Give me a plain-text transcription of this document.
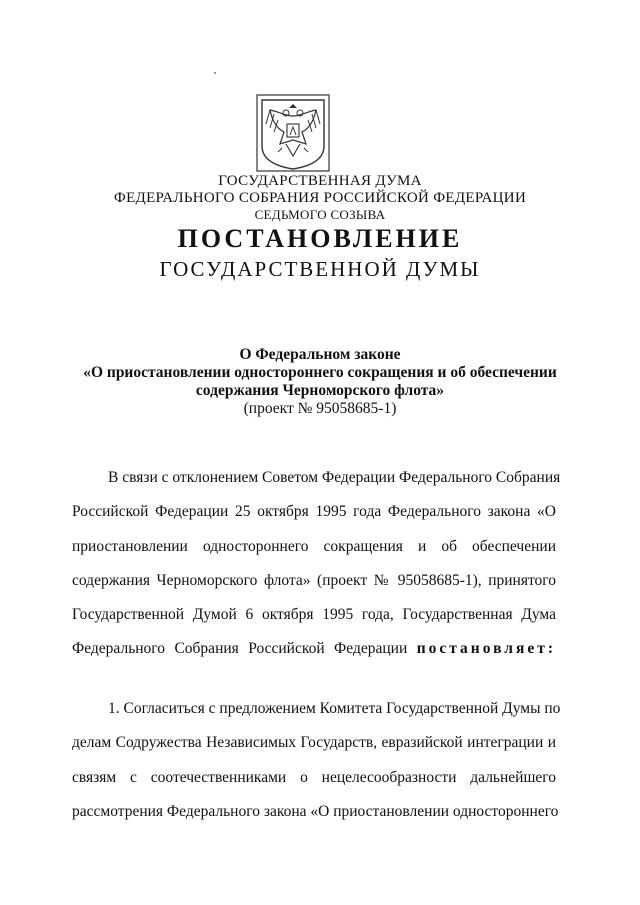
ГОСУДАРСТВЕННАЯ ДУМА
ФЕДЕРАЛЬНОГО СОБРАНИЯ РОССИЙСКОЙ ФЕДЕРАЦИИ
СЕДЬМОГО СОЗЫВА
ПОСТАНОВЛЕНИЕ
ГОСУДАРСТВЕННОЙ ДУМЫ
О Федеральном законе
«О приостановлении одностороннего сокращения и об обеспечении
содержания Черноморского флота»
(проект № 95058685-1)
В связи с отклонением Советом Федерации Федерального Собрания
Российской Федерации 25 октября 1995 года Федерального закона «О
приостановлении одностороннего сокращения и об обеспечении
содержания Черноморского флота» (проект № 95058685-1), принятого
Государственной Думой 6 октября 1995 года, Государственная Дума
Федерального Собрания Российской Федерации постановляет:
1. Согласиться с предложением Комитета Государственной Думы по
делам Содружества Независимых Государств, евразийской интеграции и
связям с соотечественниками о нецелесообразности дальнейшего
рассмотрения Федерального закона «О приостановлении одностороннего
